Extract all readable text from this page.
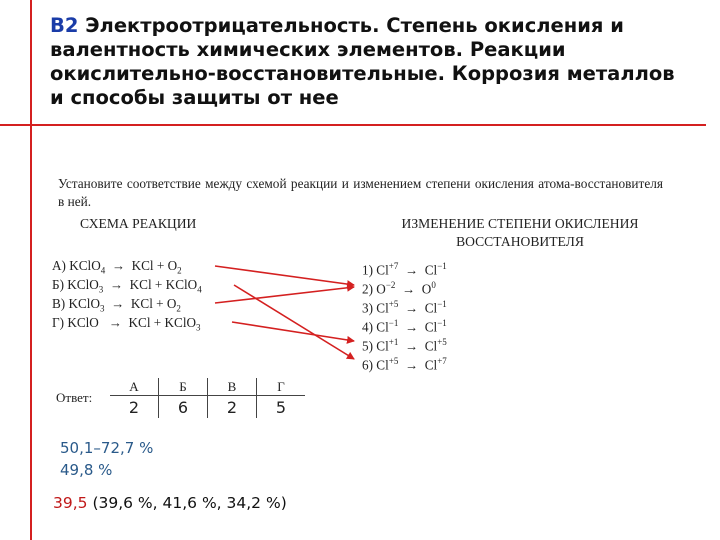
В2 Электроотрицательность. Степень окисления и валентность химических элементов. Реакции окислительно-восстановительные. Коррозия металлов и способы защиты от нее

Установите соответствие между схемой реакции и изменением степени окисления атома-восстановителя в ней.

СХЕМА РЕАКЦИИ	ИЗМЕНЕНИЕ СТЕПЕНИ ОКИСЛЕНИЯ
ВОССТАНОВИТЕЛЯ
А) KClO$_4$ → KCl + $O_2$
Б) KClO$_3$ → KCl + KClO$_4$
В) KClO$_3$ → KCl + $O_2$
Г) KClO → KCl + KClO$_3$
1) $Cl^{+7} \to Cl^{-1}$
2) $O^{-2} \to O^0$
3) $Cl^{+5} \to Cl^{-1}$
4) $Cl^{-1} \to Cl^{-1}$
5) $Cl^{+1} \to Cl^{+5}$
6) $Cl^{+5} \to Cl^{+7}$
Ответ:
А	Б	В	Г
2	6	2	5
50,1–72,7 %
49,8 %
39,5 (39,6 %, 41,6 %, 34,2 %)
